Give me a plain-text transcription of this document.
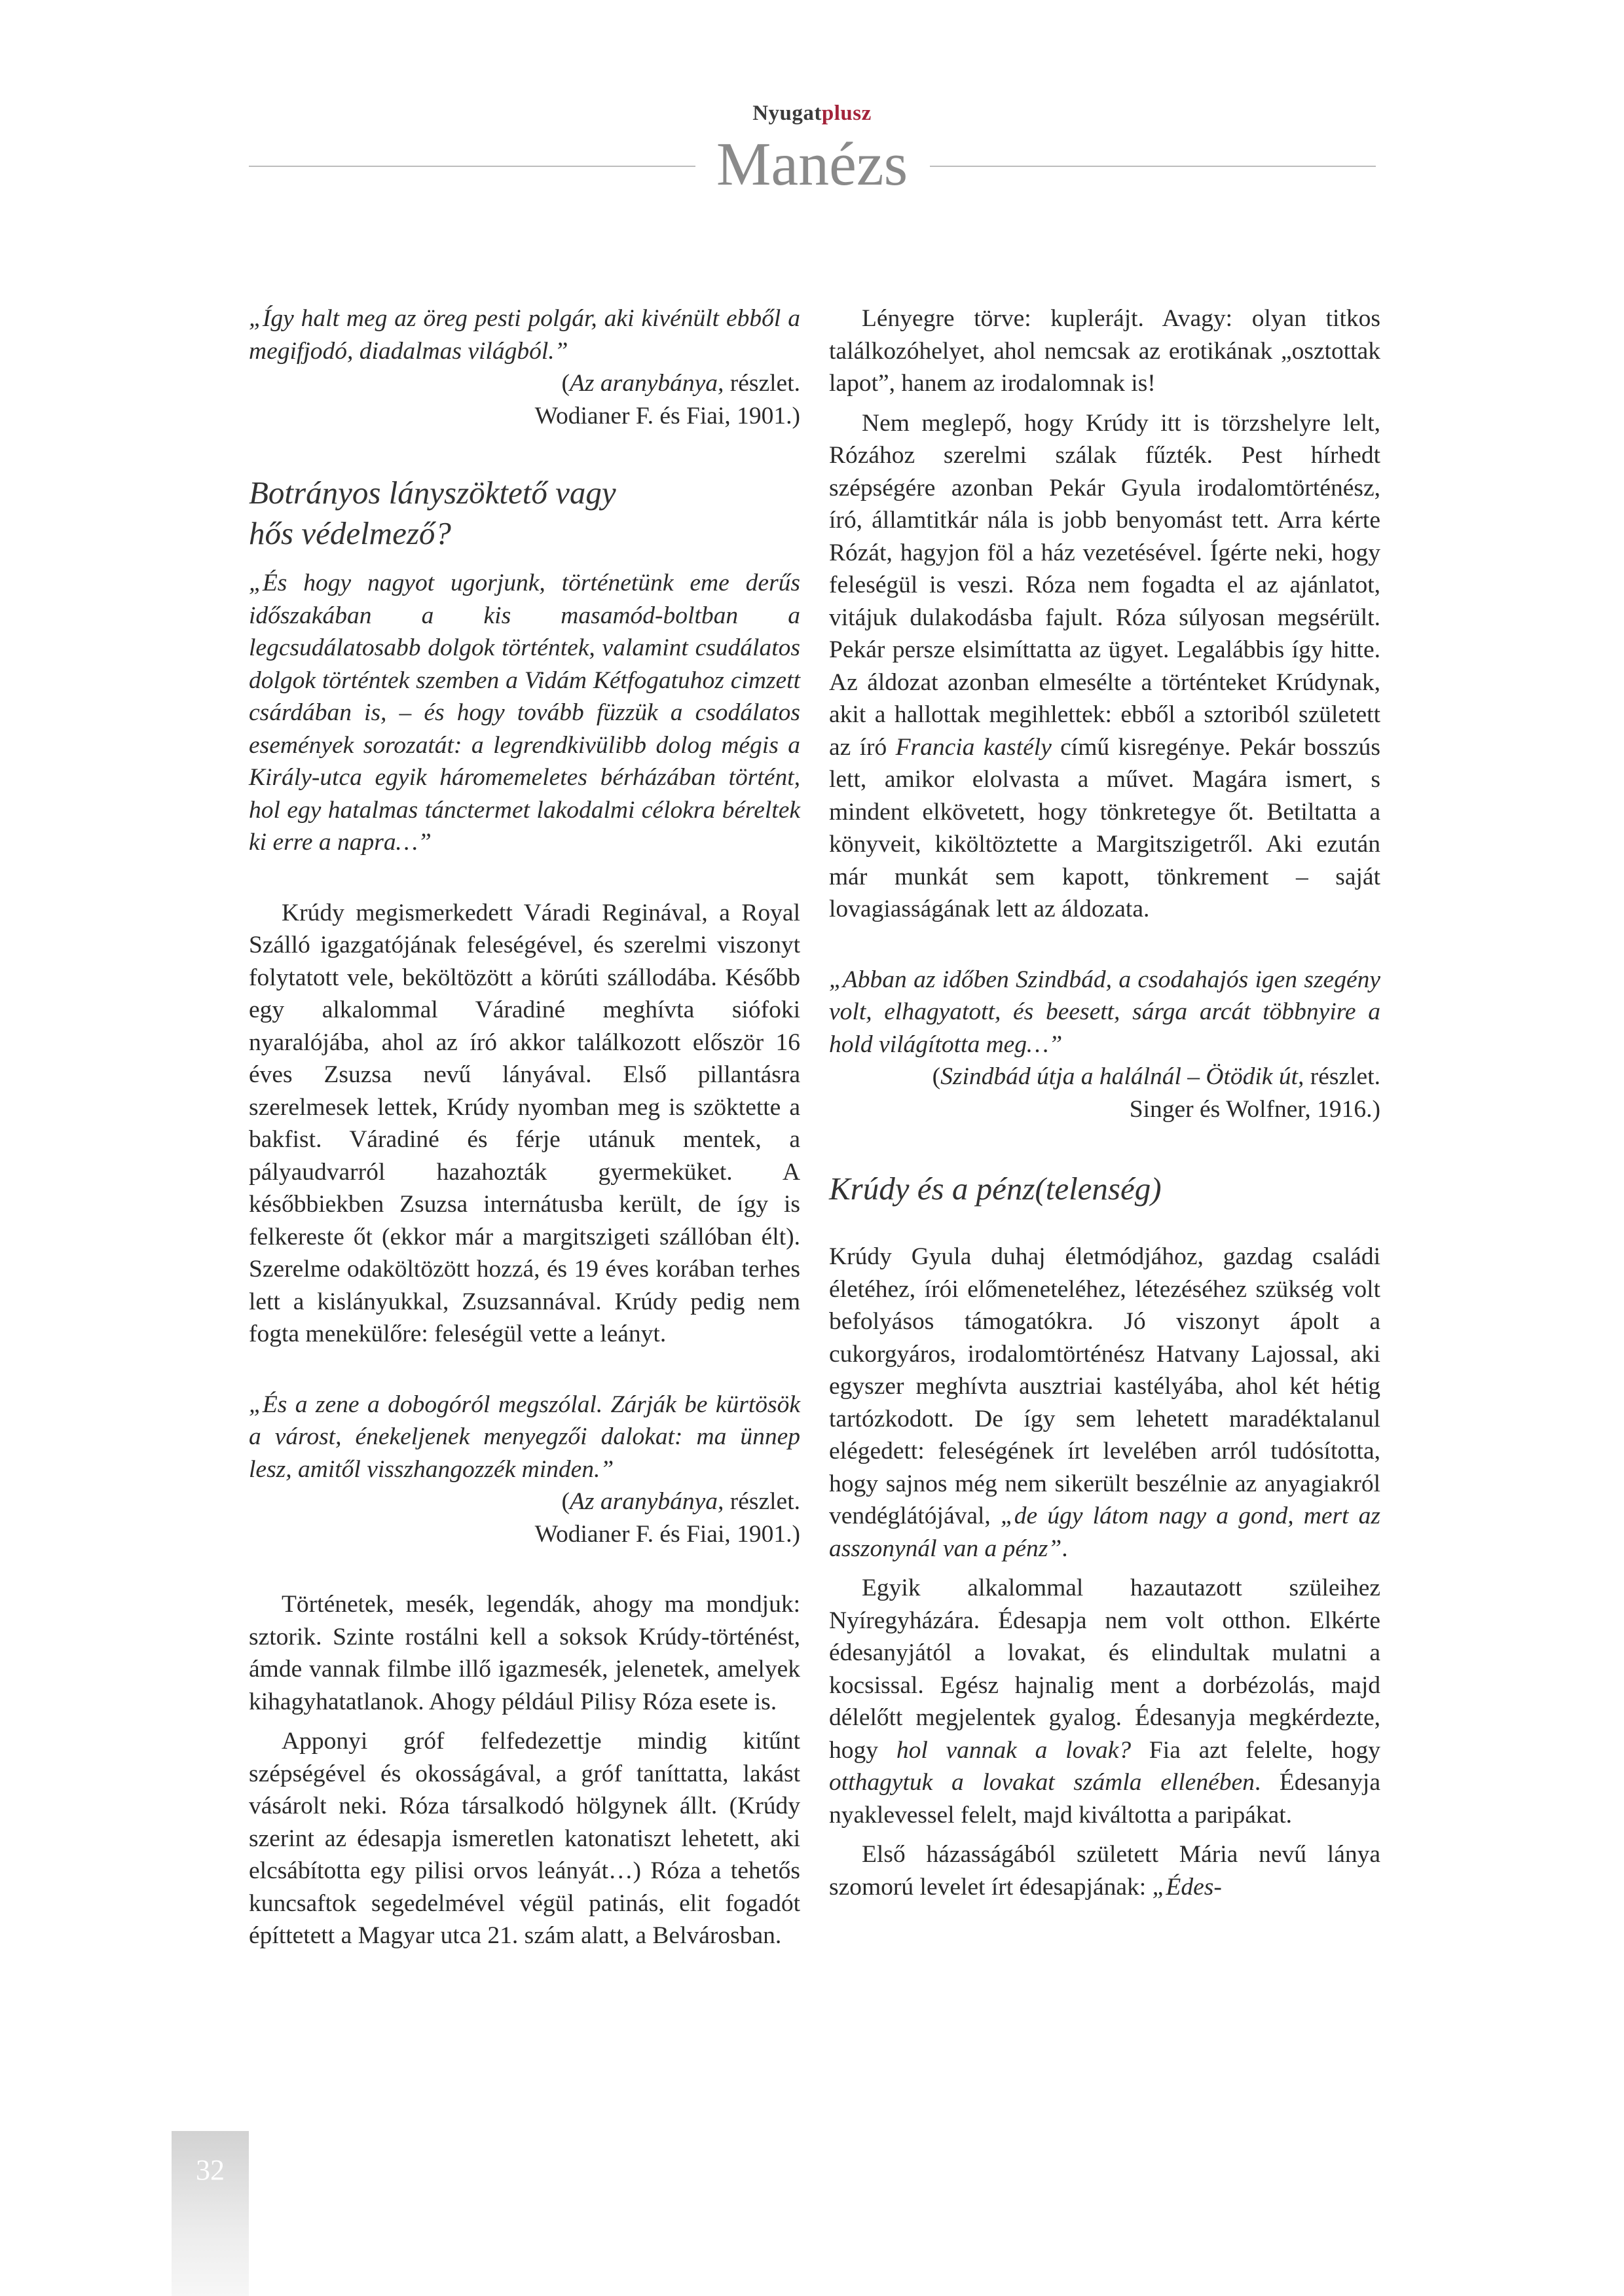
Nyugatplusz
Manézs

„Így halt meg az öreg pesti polgár, aki kivénült ebből a megifjodó, diadalmas világból.”

(Az aranybánya, részlet.
Wodianer F. és Fiai, 1901.)
Botrányos lányszöktető vagy
hős védelmező?

„És hogy nagyot ugorjunk, történetünk eme derűs időszakában a kis masamód-boltban a legcsudálatosabb dolgok történtek, valamint csudálatos dolgok történtek szemben a Vidám Kétfogatuhoz cimzett csárdában is, – és hogy tovább füzzük a csodálatos események sorozatát: a legrendkivülibb dolog mégis a Király-utca egyik háromemeletes bérházában történt, hol egy hatalmas tánctermet lakodalmi célokra béreltek ki erre a napra…”

Krúdy megismerkedett Váradi Reginával, a Royal Szálló igazgatójának feleségével, és szerelmi viszonyt folytatott vele, beköltözött a körúti szállodába. Később egy alkalommal Váradiné meghívta siófoki nyaralójába, ahol az író akkor találkozott először 16 éves Zsuzsa nevű lányával. Első pillantásra szerelmesek lettek, Krúdy nyomban meg is szöktette a bakfist. Váradiné és férje utánuk mentek, a pályaudvarról hazahozták gyermeküket. A későbbiekben Zsuzsa internátusba került, de így is felkereste őt (ekkor már a margitszigeti szállóban élt). Szerelme odaköltözött hozzá, és 19 éves korában terhes lett a kislányukkal, Zsuzsannával. Krúdy pedig nem fogta menekülőre: feleségül vette a leányt.

„És a zene a dobogóról megszólal. Zárják be kürtösök a várost, énekeljenek menyegzői dalokat: ma ünnep lesz, amitől visszhangozzék minden.”

(Az aranybánya, részlet.
Wodianer F. és Fiai, 1901.)

Történetek, mesék, legendák, ahogy ma mondjuk: sztorik. Szinte rostálni kell a soksok Krúdy-történést, ámde vannak filmbe illő igazmesék, jelenetek, amelyek kihagyhatatlanok. Ahogy például Pilisy Róza esete is.

Apponyi gróf felfedezettje mindig kitűnt szépségével és okosságával, a gróf taníttatta, lakást vásárolt neki. Róza társalkodó hölgynek állt. (Krúdy szerint az édesapja ismeretlen katonatiszt lehetett, aki elcsábította egy pilisi orvos leányát…) Róza a tehetős kuncsaftok segedelmével végül patinás, elit fogadót építtetett a Magyar utca 21. szám alatt, a Belvárosban.

Lényegre törve: kuplerájt. Avagy: olyan titkos találkozóhelyet, ahol nemcsak az erotikának „osztottak lapot”, hanem az irodalomnak is!

Nem meglepő, hogy Krúdy itt is törzshelyre lelt, Rózához szerelmi szálak fűzték. Pest hírhedt szépségére azonban Pekár Gyula irodalomtörténész, író, államtitkár nála is jobb benyomást tett. Arra kérte Rózát, hagyjon föl a ház vezetésével. Ígérte neki, hogy feleségül is veszi. Róza nem fogadta el az ajánlatot, vitájuk dulakodásba fajult. Róza súlyosan megsérült. Pekár persze elsimíttatta az ügyet. Legalábbis így hitte. Az áldozat azonban elmesélte a történteket Krúdynak, akit a hallottak megihlettek: ebből a sztoriból született az író Francia kastély című kisregénye. Pekár bosszús lett, amikor elolvasta a művet. Magára ismert, s mindent elkövetett, hogy tönkretegye őt. Betiltatta a könyveit, kiköltöztette a Margitszigetről. Aki ezután már munkát sem kapott, tönkrement – saját lovagiasságának lett az áldozata.

„Abban az időben Szindbád, a csodahajós igen szegény volt, elhagyatott, és beesett, sárga arcát többnyire a hold világította meg…”

(Szindbád útja a halálnál – Ötödik út, részlet.
Singer és Wolfner, 1916.)
Krúdy és a pénz(telenség)

Krúdy Gyula duhaj életmódjához, gazdag családi életéhez, írói előmeneteléhez, létezéséhez szükség volt befolyásos támogatókra. Jó viszonyt ápolt a cukorgyáros, irodalomtörténész Hatvany Lajossal, aki egyszer meghívta ausztriai kastélyába, ahol két hétig tartózkodott. De így sem lehetett maradéktalanul elégedett: feleségének írt levelében arról tudósította, hogy sajnos még nem sikerült beszélnie az anyagiakról vendéglátójával, „de úgy látom nagy a gond, mert az asszonynál van a pénz”.

Egyik alkalommal hazautazott szüleihez Nyíregyházára. Édesapja nem volt otthon. Elkérte édesanyjától a lovakat, és elindultak mulatni a kocsissal. Egész hajnalig ment a dorbézolás, majd délelőtt megjelentek gyalog. Édesanyja megkérdezte, hogy hol vannak a lovak? Fia azt felelte, hogy otthagytuk a lovakat számla ellenében. Édesanyja nyaklevessel felelt, majd kiváltotta a paripákat.

Első házasságából született Mária nevű lánya szomorú levelet írt édesapjának: „Édes-

32
